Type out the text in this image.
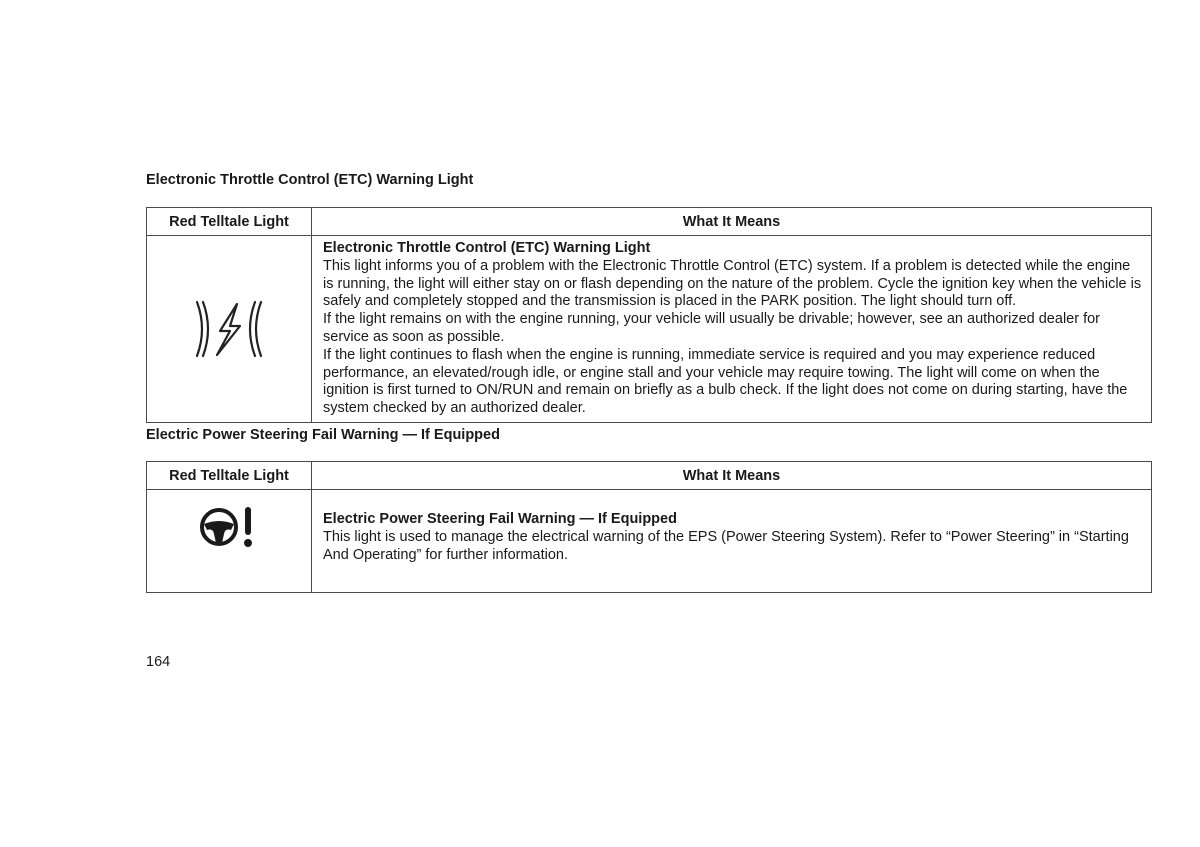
Electronic Throttle Control (ETC) Warning Light
Red Telltale Light	What It Means

Electronic Throttle Control (ETC) Warning Light
This light informs you of a problem with the Electronic Throttle Control (ETC) system. If a problem is detected while the engine is running, the light will either stay on or flash depending on the nature of the problem. Cycle the ignition key when the vehicle is safely and completely stopped and the transmission is placed in the PARK position. The light should turn off.
If the light remains on with the engine running, your vehicle will usually be drivable; however, see an authorized dealer for service as soon as possible.
If the light continues to flash when the engine is running, immediate service is required and you may experience reduced performance, an elevated/rough idle, or engine stall and your vehicle may require towing. The light will come on when the ignition is first turned to ON/RUN and remain on briefly as a bulb check. If the light does not come on during starting, have the system checked by an authorized dealer.
Electric Power Steering Fail Warning — If Equipped
Red Telltale Light	What It Means

Electric Power Steering Fail Warning — If Equipped
This light is used to manage the electrical warning of the EPS (Power Steering System). Refer to “Power Steering” in “Starting And Operating” for further information.
164
